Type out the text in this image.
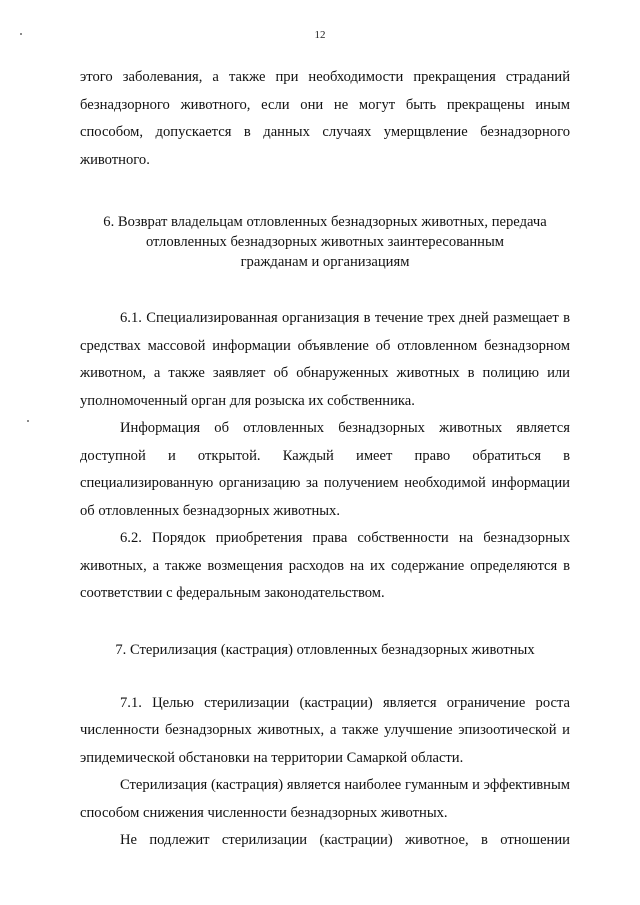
12

этого заболевания, а также при необходимости прекращения страданий безнадзорного животного, если они не могут быть прекращены иным способом, допускается в данных случаях умерщвление безнадзорного животного.

6. Возврат владельцам отловленных безнадзорных животных, передача

отловленных безнадзорных животных заинтересованным

гражданам и организациям

6.1. Специализированная организация в течение трех дней размещает в средствах массовой информации объявление об отловленном безнадзорном животном, а также заявляет об обнаруженных животных в полицию или уполномоченный орган для розыска их собственника.

Информация об отловленных безнадзорных животных является доступной и открытой. Каждый имеет право обратиться в специализированную организацию за получением необходимой информации об отловленных безнадзорных животных.

6.2. Порядок приобретения права собственности на безнадзорных животных, а также возмещения расходов на их содержание определяются в соответствии с федеральным законодательством.

7. Стерилизация (кастрация) отловленных безнадзорных животных

7.1. Целью стерилизации (кастрации) является ограничение роста численности безнадзорных животных, а также улучшение эпизоотической и эпидемической обстановки на территории Самаркой области.

Стерилизация (кастрация) является наиболее гуманным и эффективным способом снижения численности безнадзорных животных.

Не подлежит стерилизации (кастрации) животное, в отношении
